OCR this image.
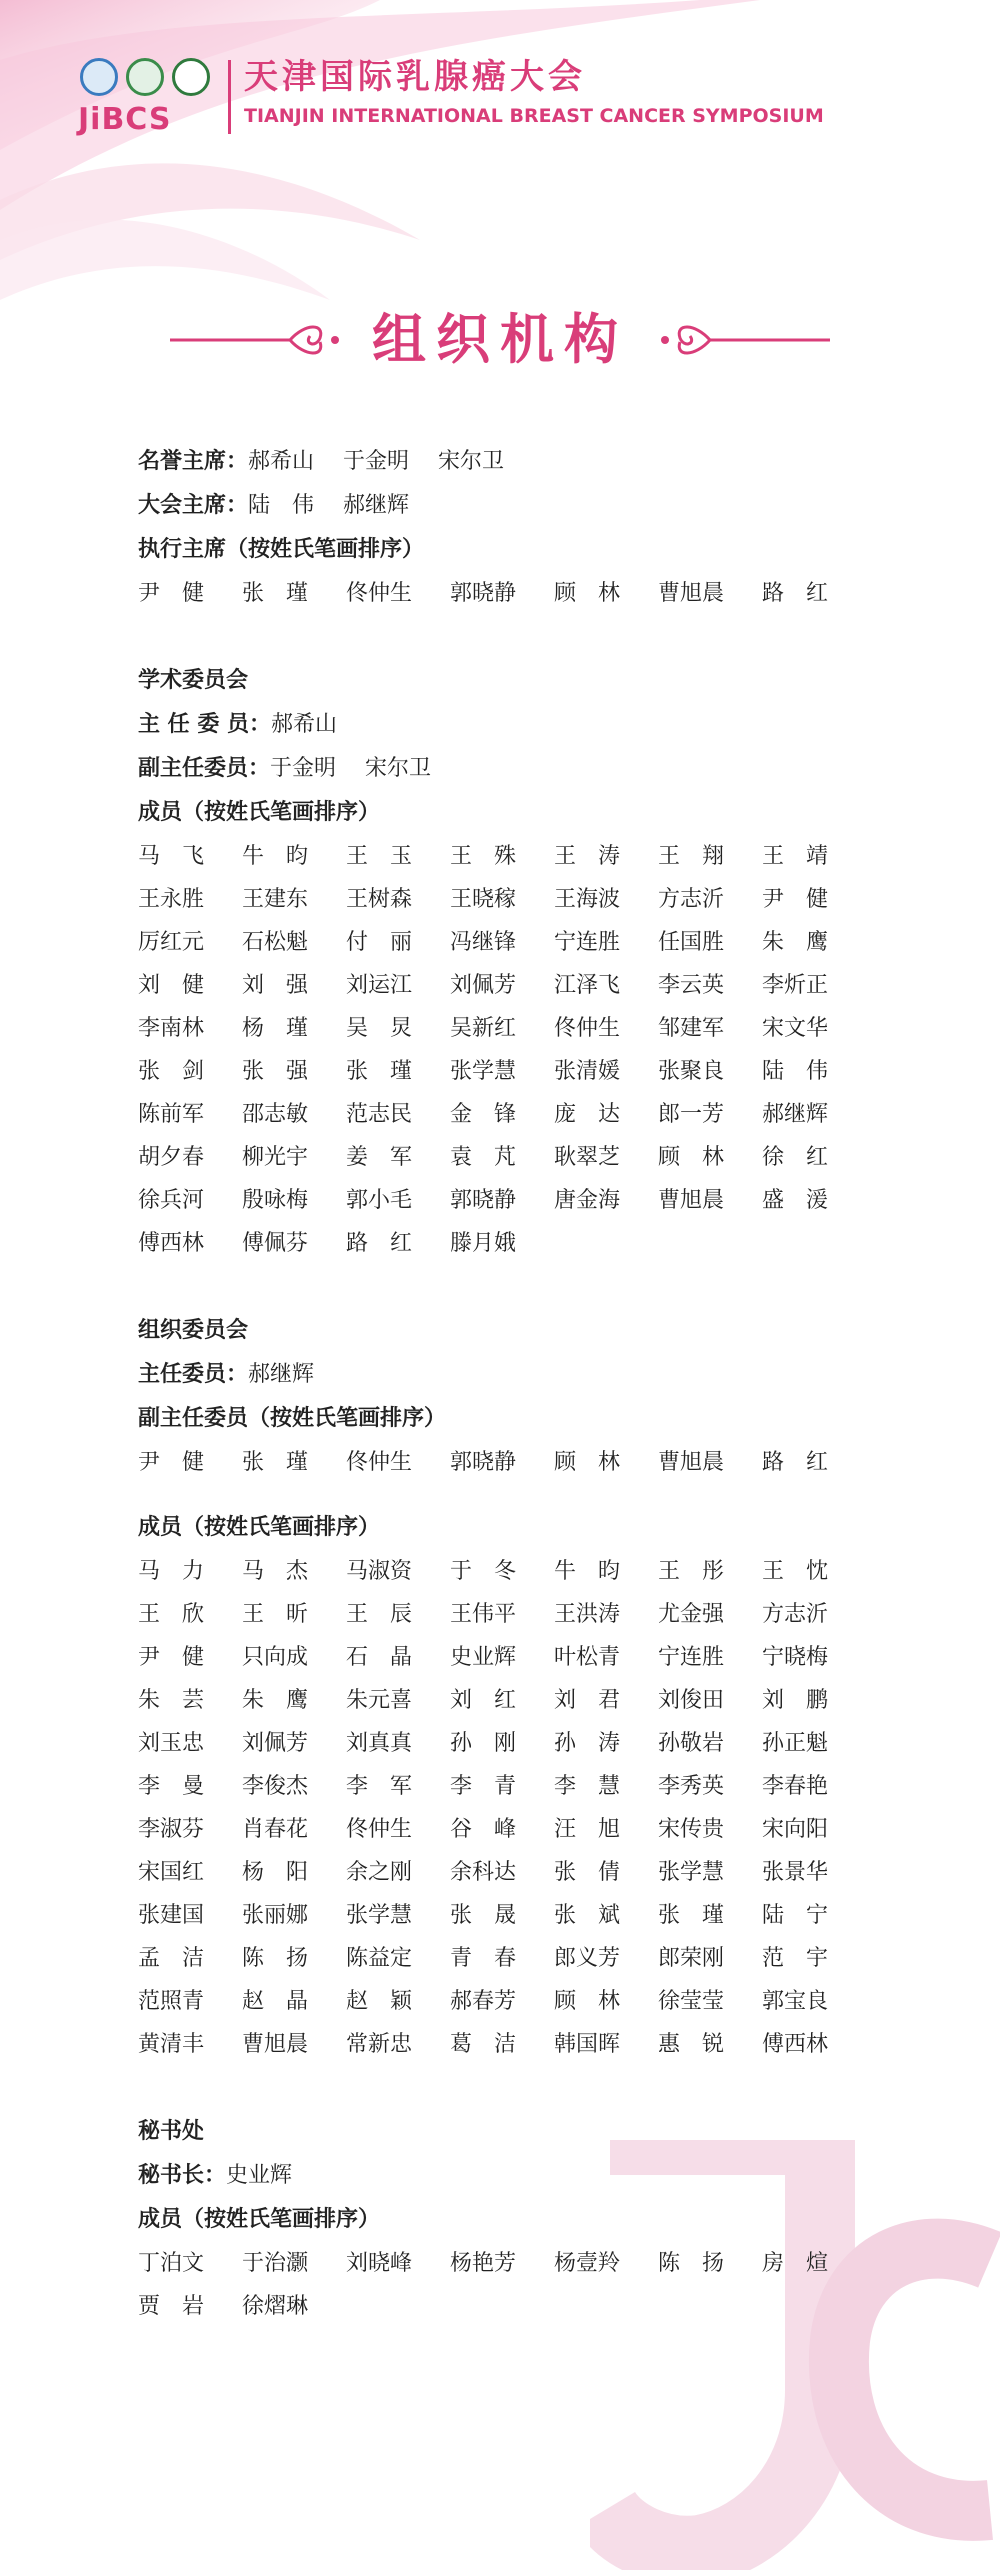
JiBCS
天津国际乳腺癌大会
TIANJIN INTERNATIONAL BREAST CANCER SYMPOSIUM
组织机构
名誉主席：郝希山　 于金明 　宋尔卫
大会主席：陆　伟　 郝继辉
执行主席（按姓氏笔画排序）
尹　健	张　瑾	佟仲生	郭晓静	顾　林	曹旭晨	路　红
学术委员会
主 任 委 员：郝希山
副主任委员：于金明　 宋尔卫
成员（按姓氏笔画排序）
马　飞	牛　昀	王　玉	王　殊	王　涛	王　翔	王　靖
王永胜	王建东	王树森	王晓稼	王海波	方志沂	尹　健
厉红元	石松魁	付　丽	冯继锋	宁连胜	任国胜	朱　鹰
刘　健	刘　强	刘运江	刘佩芳	江泽飞	李云英	李炘正
李南林	杨　瑾	吴　炅	吴新红	佟仲生	邹建军	宋文华
张　剑	张　强	张　瑾	张学慧	张清媛	张聚良	陆　伟
陈前军	邵志敏	范志民	金　锋	庞　达	郎一芳	郝继辉
胡夕春	柳光宇	姜　军	袁　芃	耿翠芝	顾　林	徐　红
徐兵河	殷咏梅	郭小毛	郭晓静	唐金海	曹旭晨	盛　湲
傅西林	傅佩芬	路　红	滕月娥
组织委员会
主任委员：郝继辉
副主任委员（按姓氏笔画排序）
尹　健	张　瑾	佟仲生	郭晓静	顾　林	曹旭晨	路　红
成员（按姓氏笔画排序）
马　力	马　杰	马淑资	于　冬	牛　昀	王　彤	王　忱
王　欣	王　昕	王　辰	王伟平	王洪涛	尤金强	方志沂
尹　健	只向成	石　晶	史业辉	叶松青	宁连胜	宁晓梅
朱　芸	朱　鹰	朱元喜	刘　红	刘　君	刘俊田	刘　鹏
刘玉忠	刘佩芳	刘真真	孙　刚	孙　涛	孙敬岩	孙正魁
李　曼	李俊杰	李　军	李　青	李　慧	李秀英	李春艳
李淑芬	肖春花	佟仲生	谷　峰	汪　旭	宋传贵	宋向阳
宋国红	杨　阳	余之刚	余科达	张　倩	张学慧	张景华
张建国	张丽娜	张学慧	张　晟	张　斌	张　瑾	陆　宁
孟　洁	陈　扬	陈益定	青　春	郎义芳	郎荣刚	范　宇
范照青	赵　晶	赵　颖	郝春芳	顾　林	徐莹莹	郭宝良
黄清丰	曹旭晨	常新忠	葛　洁	韩国晖	惠　锐	傅西林
秘书处
秘书长：史业辉
成员（按姓氏笔画排序）
丁泊文	于治灏	刘晓峰	杨艳芳	杨壹羚	陈　扬	房　煊
贾　岩	徐熠琳
